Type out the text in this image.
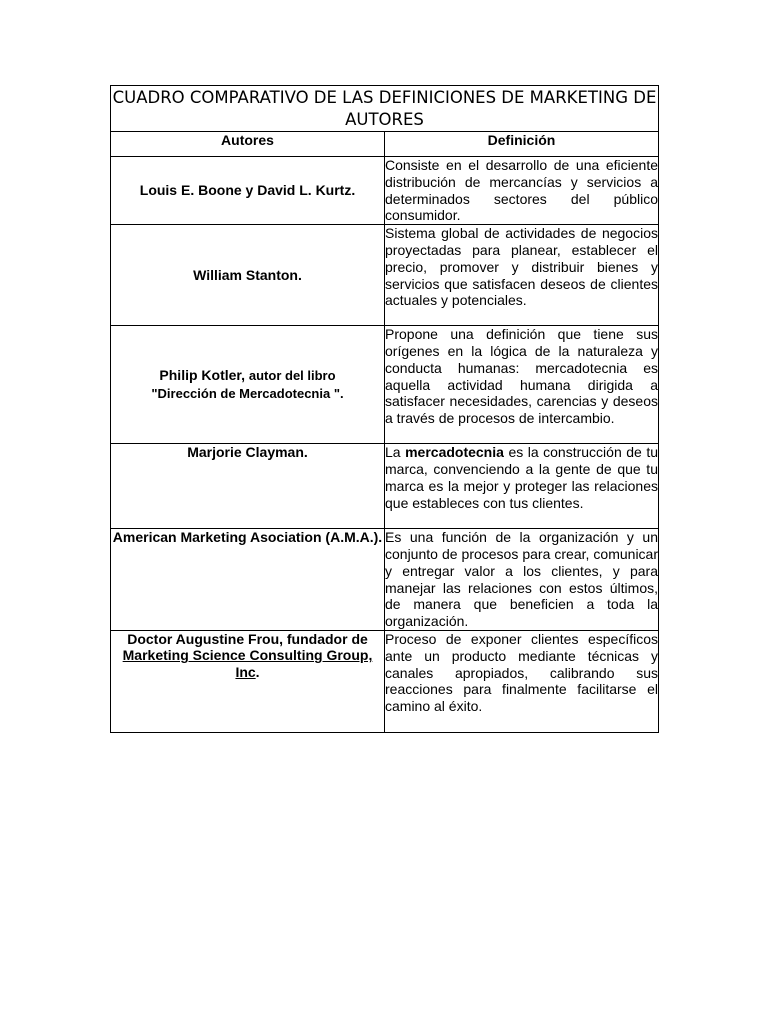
CUADRO COMPARATIVO DE LAS DEFINICIONES DE MARKETING DE AUTORES	
Autores	Definición
Louis E. Boone y David L. Kurtz.	Consiste en el desarrollo de una eficiente distribución de mercancías y servicios a determinados sectores del público consumidor.
William Stanton.	Sistema global de actividades de negocios proyectadas para planear, establecer el precio, promover y distribuir bienes y servicios que satisfacen deseos de clientes actuales y potenciales.
Philip Kotler, autor del libro
"Dirección de Mercadotecnia ".	Propone una definición que tiene sus orígenes en la lógica de la naturaleza y conducta humanas: mercadotecnia es aquella actividad humana dirigida a satisfacer necesidades, carencias y deseos a través de procesos de intercambio.
Marjorie Clayman.	La mercadotecnia es la construcción de tu marca, convenciendo a la gente de que tu marca es la mejor y proteger las relaciones que estableces con tus clientes.
American Marketing Asociation (A.M.A.).	Es una función de la organización y un conjunto de procesos para crear, comunicar y entregar valor a los clientes, y para manejar las relaciones con estos últimos, de manera que beneficien a toda la organización.
Doctor Augustine Frou, fundador de Marketing Science Consulting Group, Inc.	Proceso de exponer clientes específicos ante un producto mediante técnicas y canales apropiados, calibrando sus reacciones para finalmente facilitarse el camino al éxito.
